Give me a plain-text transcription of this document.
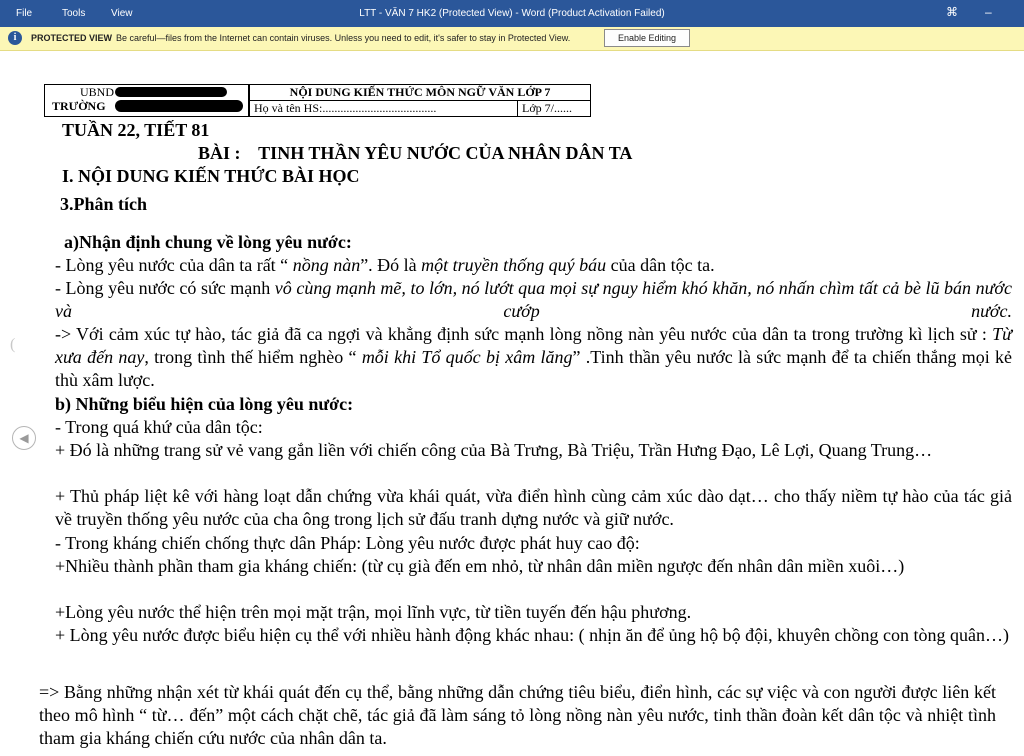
File	Tools	View	LTT - VĂN 7 HK2 (Protected View) - Word (Product Activation Failed)	⌘ –
i	PROTECTED VIEW Be careful—files from the Internet can contain viruses. Unless you need to edit, it's safer to stay in Protected View.	Enable Editing
UBND
TRƯỜNG
NỘI DUNG KIẾN THỨC MÔN NGỮ VĂN LỚP 7
Họ và tên HS:......................................	Lớp 7/......
TUẦN 22, TIẾT 81
BÀI :    TINH THẦN YÊU NƯỚC CỦA NHÂN DÂN TA
I. NỘI DUNG KIẾN THỨC BÀI HỌC
3.Phân tích
a)Nhận định chung về lòng yêu nước:
- Lòng yêu nước của dân ta rất “ nồng nàn”. Đó là một truyền thống quý báu của dân tộc ta.
- Lòng yêu nước có sức mạnh vô cùng mạnh mẽ, to lớn, nó lướt qua mọi sự nguy hiểm khó khăn, nó nhấn chìm tất cả bè lũ bán nước và cướp nước.
-> Với cảm xúc tự hào, tác giả đã ca ngợi và khẳng định sức mạnh lòng nồng nàn yêu nước của dân ta trong trường kì lịch sử : Từ xưa đến nay, trong tình thế hiểm nghèo “ mỗi khi Tổ quốc bị xâm lăng” .Tinh thần yêu nước là sức mạnh để ta chiến thắng mọi kẻ thù xâm lược.
b) Những biểu hiện của lòng yêu nước:
- Trong quá khứ của dân tộc:
+ Đó là những trang sử vẻ vang gắn liền với chiến công của Bà Trưng, Bà Triệu, Trần Hưng Đạo, Lê Lợi, Quang Trung…
+ Thủ pháp liệt kê với hàng loạt dẫn chứng vừa khái quát, vừa điển hình cùng cảm xúc dào dạt… cho thấy niềm tự hào của tác giả về truyền thống yêu nước của cha ông trong lịch sử đấu tranh dựng nước và giữ nước.
- Trong kháng chiến chống thực dân Pháp: Lòng yêu nước được phát huy cao độ:
+Nhiều thành phần tham gia kháng chiến: (từ cụ già đến em nhỏ, từ nhân dân miền ngược đến nhân dân miền xuôi…)
+Lòng yêu nước thể hiện trên mọi mặt trận, mọi lĩnh vực, từ tiền tuyến đến hậu phương.
+ Lòng yêu nước được biểu hiện cụ thể với nhiều hành động khác nhau: ( nhịn ăn để ủng hộ bộ đội, khuyên chồng con tòng quân…)
=> Bằng những nhận xét từ khái quát đến cụ thể, bằng những dẫn chứng tiêu biểu, điển hình, các sự việc và con người được liên kết theo mô hình “ từ… đến” một cách chặt chẽ, tác giả đã làm sáng tỏ lòng nồng nàn yêu nước, tinh thần đoàn kết dân tộc và nhiệt tình tham gia kháng chiến cứu nước của nhân dân ta.
(
◀
